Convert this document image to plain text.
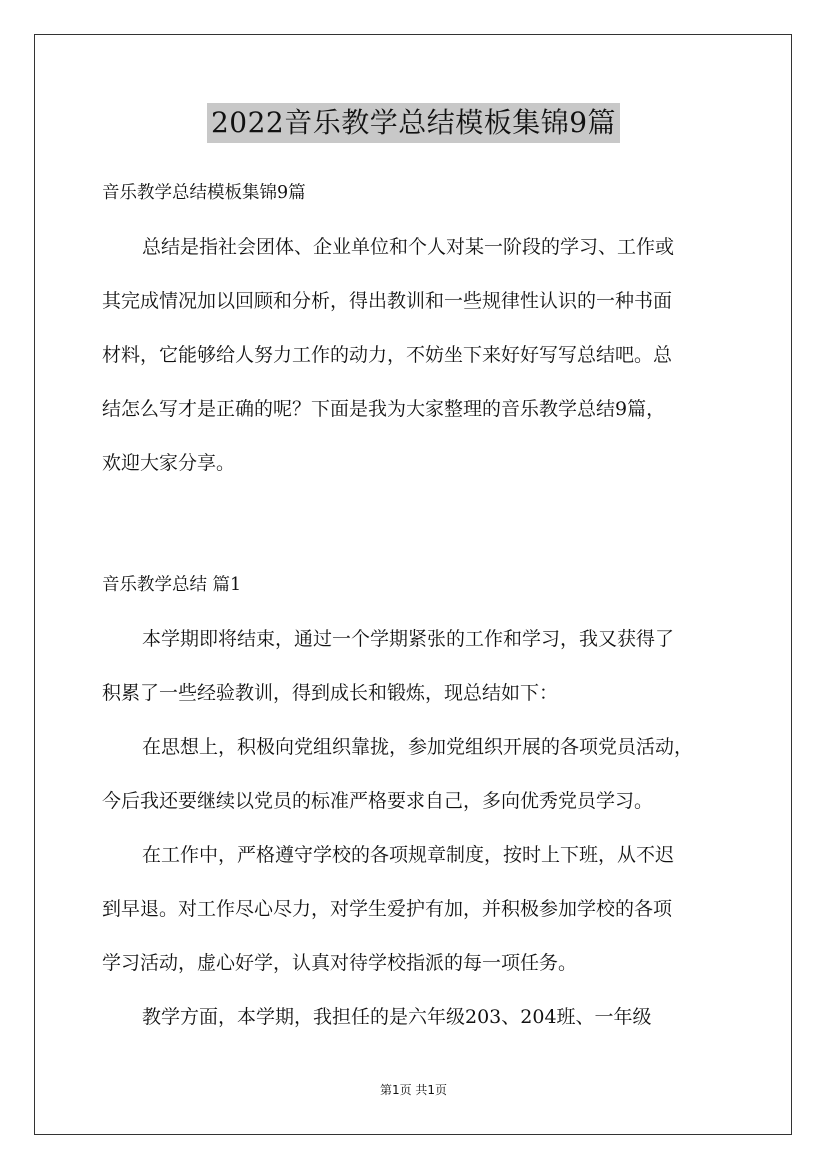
2022音乐教学总结模板集锦9篇

音乐教学总结模板集锦9篇

总结是指社会团体、企业单位和个人对某一阶段的学习、工作或

其完成情况加以回顾和分析，得出教训和一些规律性认识的一种书面

材料，它能够给人努力工作的动力，不妨坐下来好好写写总结吧。总

结怎么写才是正确的呢？下面是我为大家整理的音乐教学总结9篇，

欢迎大家分享。

音乐教学总结 篇1

本学期即将结束，通过一个学期紧张的工作和学习，我又获得了

积累了一些经验教训，得到成长和锻炼，现总结如下：

在思想上，积极向党组织靠拢，参加党组织开展的各项党员活动，

今后我还要继续以党员的标准严格要求自己，多向优秀党员学习。

在工作中，严格遵守学校的各项规章制度，按时上下班，从不迟

到早退。对工作尽心尽力，对学生爱护有加，并积极参加学校的各项

学习活动，虚心好学，认真对待学校指派的每一项任务。

教学方面，本学期，我担任的是六年级203、204班、一年级

第1页 共1页
